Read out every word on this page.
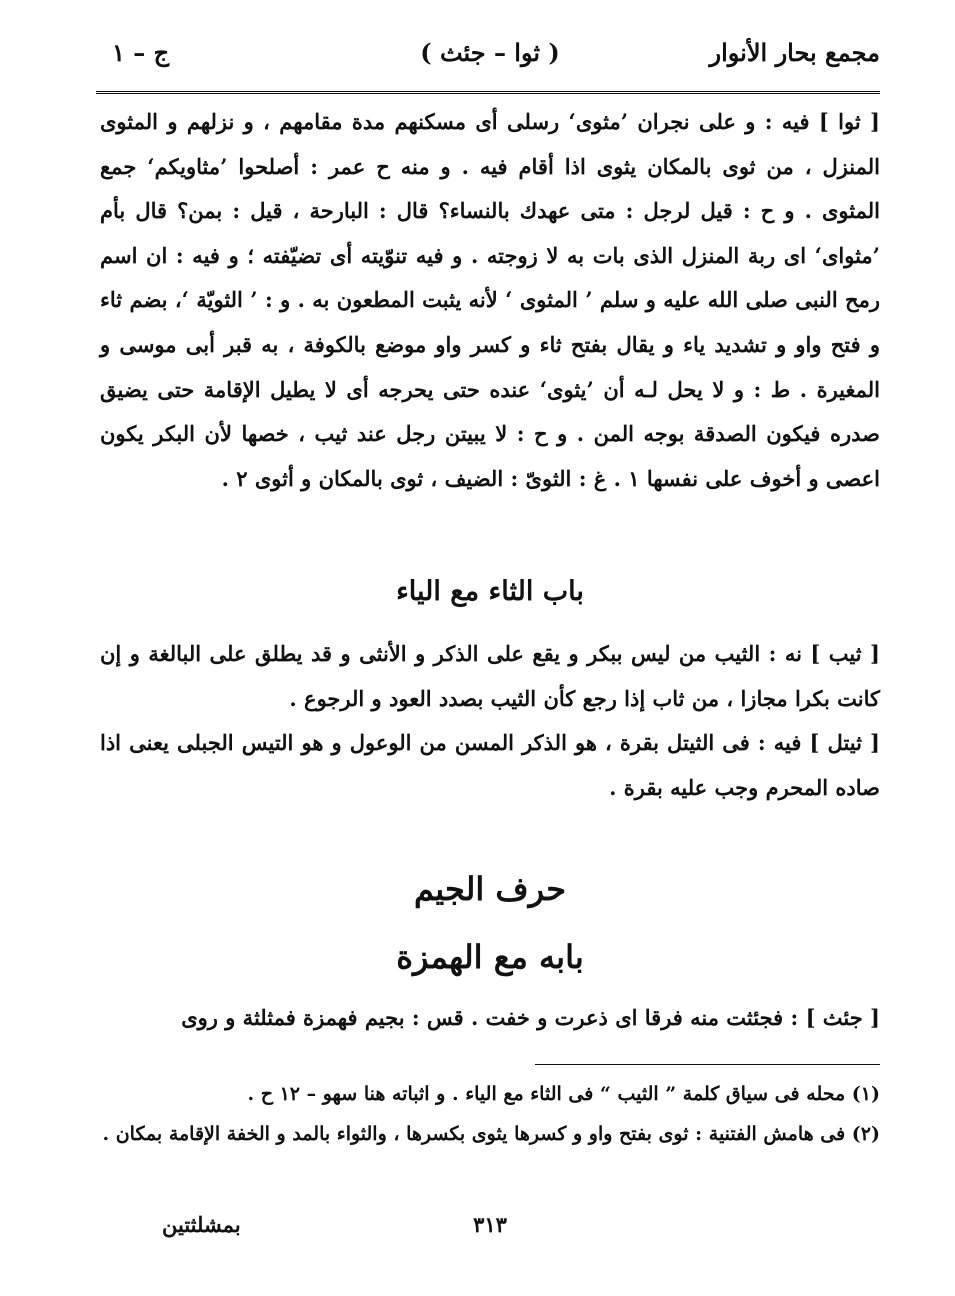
مجمع بحار الأنوار
( ثوا – جئث )
ج – ١

[ ثوا ] فيه : و على نجران ’مثوى‘ رسلى أى مسكنهم مدة مقامهم ، و نزلهم و المثوى المنزل ، من ثوى بالمكان يثوى اذا أقام فيه . و منه ح عمر : أصلحوا ’مثاويكم‘ جمع المثوى . و ح : قيل لرجل : متى عهدك بالنساء؟ قال : البارحة ، قيل : بمن؟ قال بأم ’مثواى‘ اى ربة المنزل الذى بات به لا زوجته . و فيه تنوّيته أى تضيّفته ؛ و فيه : ان اسم رمح النبى صلى الله عليه و سلم ’ المثوى ‘ لأنه يثبت المطعون به . و : ’ الثويّة ‘، بضم ثاء و فتح واو و تشديد ياء و يقال بفتح ثاء و كسر واو موضع بالكوفة ، به قبر أبى موسى و المغيرة . ط : و لا يحل لـه أن ’يثوى‘ عنده حتى يحرجه أى لا يطيل الإقامة حتى يضيق صدره فيكون الصدقة بوجه المن . و ح : لا يبيتن رجل عند ثيب ، خصها لأن البكر يكون اعصى و أخوف على نفسها ١ . غ : الثوىّ : الضيف ، ثوى بالمكان و أثوى ٢ .

باب الثاء مع الياء

[ ثيب ] نه : الثيب من ليس ببكر و يقع على الذكر و الأنثى و قد يطلق على البالغة و إن كانت بكرا مجازا ، من ثاب إذا رجع كأن الثيب بصدد العود و الرجوع .

[ ثيتل ] فيه : فى الثيتل بقرة ، هو الذكر المسن من الوعول و هو التيس الجبلى يعنى اذا صاده المحرم وجب عليه بقرة .

حرف الجيم
بابه مع الهمزة

[ جئث ] : فجئثت منه فرقا اى ذعرت و خفت . قس : بجيم فهمزة فمثلثة و روى

(١) محله فى سياق كلمة ” الثيب “ فى الثاء مع الياء . و اثباته هنا سهو – ١٢ ح .

(٢) فى هامش الفتنية : ثوى بفتح واو و كسرها يثوى بكسرها ، والثواء بالمد و الخفة الإقامة بمكان .

٣١٣
بمشلثتين
